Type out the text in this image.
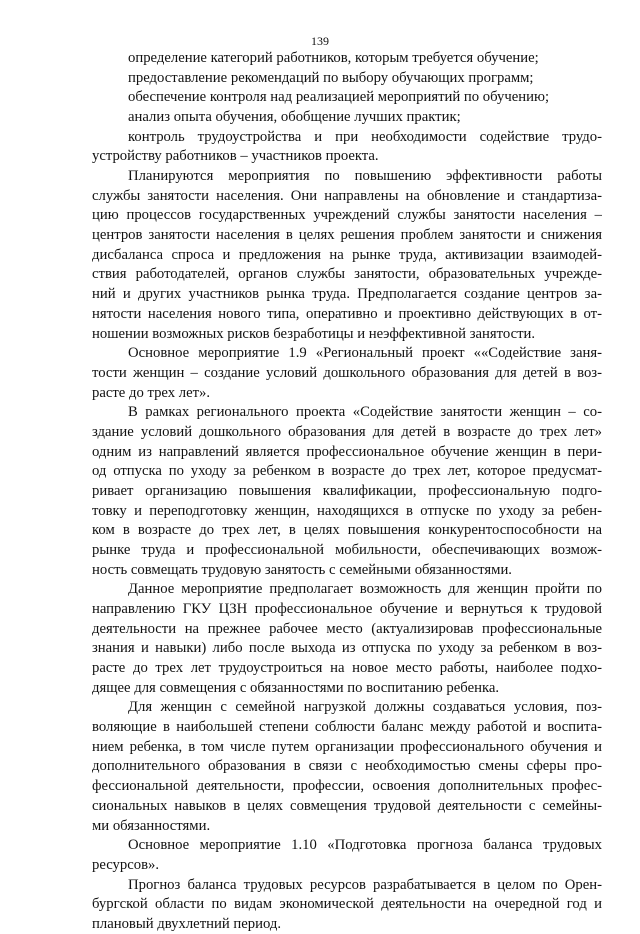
139
определение категорий работников, которым требуется обучение;
предоставление рекомендаций по выбору обучающих программ;
обеспечение контроля над реализацией мероприятий по обучению;
анализ опыта обучения, обобщение лучших практик;
контроль трудоустройства и при необходимости содействие трудо-
устройству работников – участников проекта.
Планируются мероприятия по повышению эффективности работы
службы занятости населения. Они направлены на обновление и стандартиза-
цию процессов государственных учреждений службы занятости населения –
центров занятости населения в целях решения проблем занятости и снижения
дисбаланса спроса и предложения на рынке труда, активизации взаимодей-
ствия работодателей, органов службы занятости, образовательных учрежде-
ний и других участников рынка труда. Предполагается создание центров за-
нятости населения нового типа, оперативно и проективно действующих в от-
ношении возможных рисков безработицы и неэффективной занятости.
Основное мероприятие 1.9 «Региональный проект ««Содействие заня-
тости женщин – создание условий дошкольного образования для детей в воз-
расте до трех лет».
В рамках регионального проекта «Содействие занятости женщин – со-
здание условий дошкольного образования для детей в возрасте до трех лет»
одним из направлений является профессиональное обучение женщин в пери-
од отпуска по уходу за ребенком в возрасте до трех лет, которое предусмат-
ривает организацию повышения квалификации, профессиональную подго-
товку и переподготовку женщин, находящихся в отпуске по уходу за ребен-
ком в возрасте до трех лет, в целях повышения конкурентоспособности на
рынке труда и профессиональной мобильности, обеспечивающих возмож-
ность совмещать трудовую занятость с семейными обязанностями.
Данное мероприятие предполагает возможность для женщин пройти по
направлению ГКУ ЦЗН профессиональное обучение и вернуться к трудовой
деятельности на прежнее рабочее место (актуализировав профессиональные
знания и навыки) либо после выхода из отпуска по уходу за ребенком в воз-
расте до трех лет трудоустроиться на новое место работы, наиболее подхо-
дящее для совмещения с обязанностями по воспитанию ребенка.
Для женщин с семейной нагрузкой должны создаваться условия, поз-
воляющие в наибольшей степени соблюсти баланс между работой и воспита-
нием ребенка, в том числе путем организации профессионального обучения и
дополнительного образования в связи с необходимостью смены сферы про-
фессиональной деятельности, профессии, освоения дополнительных профес-
сиональных навыков в целях совмещения трудовой деятельности с семейны-
ми обязанностями.
Основное мероприятие 1.10 «Подготовка прогноза баланса трудовых
ресурсов».
Прогноз баланса трудовых ресурсов разрабатывается в целом по Орен-
бургской области по видам экономической деятельности на очередной год и
плановый двухлетний период.
